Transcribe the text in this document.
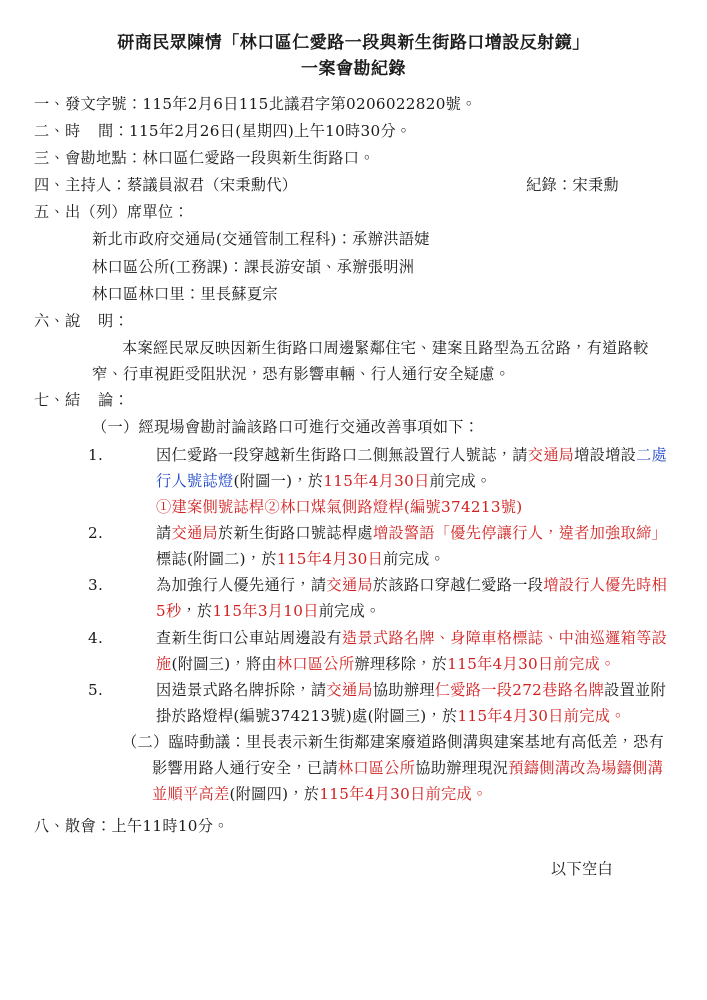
研商民眾陳情「林口區仁愛路一段與新生街路口增設反射鏡」
一案會勘紀錄
一、發文字號：115年2月6日115北議君字第0206022820號。
二、時 間：115年2月26日(星期四)上午10時30分。
三、會勘地點：林口區仁愛路一段與新生街路口。
四、主持人：蔡議員淑君（宋秉勳代）	紀錄：宋秉勳
五、出（列）席單位：
新北市政府交通局(交通管制工程科)：承辦洪語婕
林口區公所(工務課)：課長游安頡、承辦張明洲
林口區林口里：里長蘇夏宗
六、說 明：
本案經民眾反映因新生街路口周邊緊鄰住宅、建案且路型為五岔路，有道路較窄、行車視距受阻狀況，恐有影響車輛、行人通行安全疑慮。
七、結 論：
（一）經現場會勘討論該路口可進行交通改善事項如下：
1.	因仁愛路一段穿越新生街路口二側無設置行人號誌，請交通局增設增設二處行人號誌燈(附圖一)，於115年4月30日前完成。
①建案側號誌桿②林口煤氣側路燈桿(編號374213號)
2.	請交通局於新生街路口號誌桿處增設警語「優先停讓行人，違者加強取締」標誌(附圖二)，於115年4月30日前完成。
3.	為加強行人優先通行，請交通局於該路口穿越仁愛路一段增設行人優先時相5秒，於115年3月10日前完成。
4.	查新生街口公車站周邊設有造景式路名牌、身障車格標誌、中油巡邏箱等設施(附圖三)，將由林口區公所辦理移除，於115年4月30日前完成。
5.	因造景式路名牌拆除，請交通局協助辦理仁愛路一段272巷路名牌設置並附掛於路燈桿(編號374213號)處(附圖三)，於115年4月30日前完成。
（二）臨時動議：里長表示新生街鄰建案廢道路側溝與建案基地有高低差，恐有影響用路人通行安全，已請林口區公所協助辦理現況預鑄側溝改為場鑄側溝並順平高差(附圖四)，於115年4月30日前完成。
八、散會：上午11時10分。
以下空白
